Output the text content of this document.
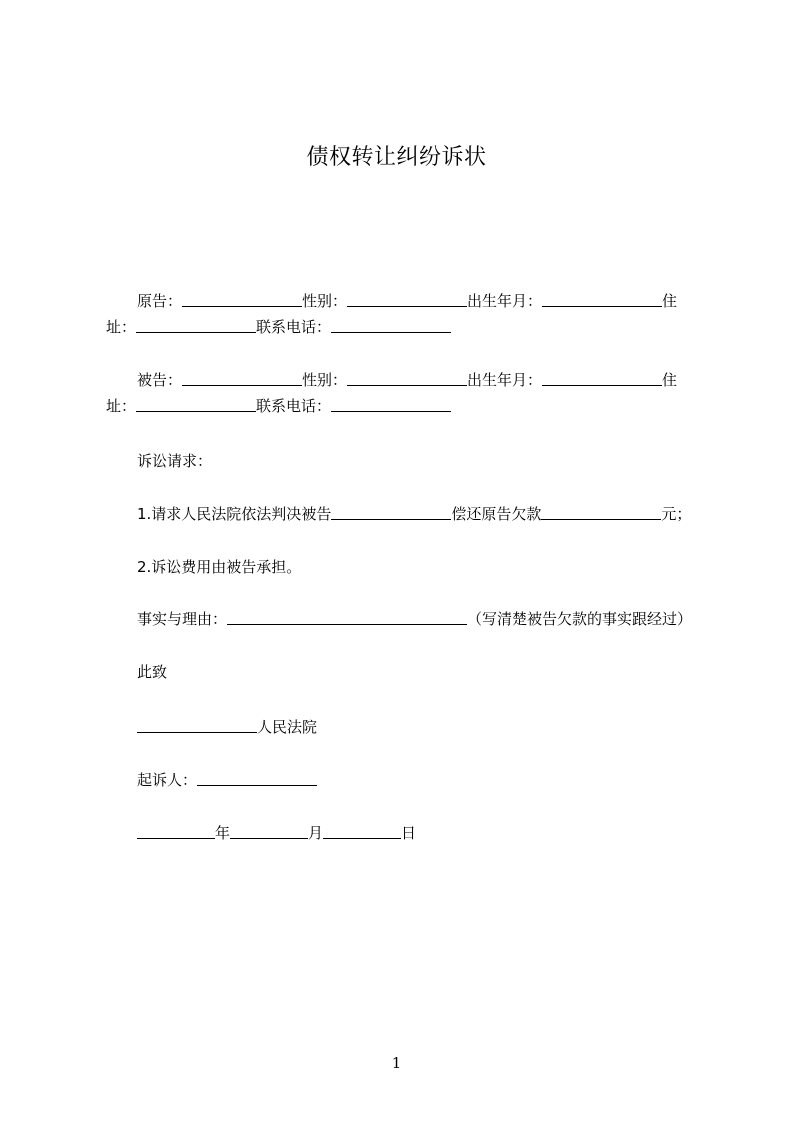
债权转让纠纷诉状
原告：	性别：	出生年月：	住
址：	联系电话：
被告：	性别：	出生年月：	住
址：	联系电话：
诉讼请求：
1.请求人民法院依法判决被告	偿还原告欠款	元；
2.诉讼费用由被告承担。
事实与理由：	（写清楚被告欠款的事实跟经过）
此致
人民法院
起诉人：
年	月	日
1
